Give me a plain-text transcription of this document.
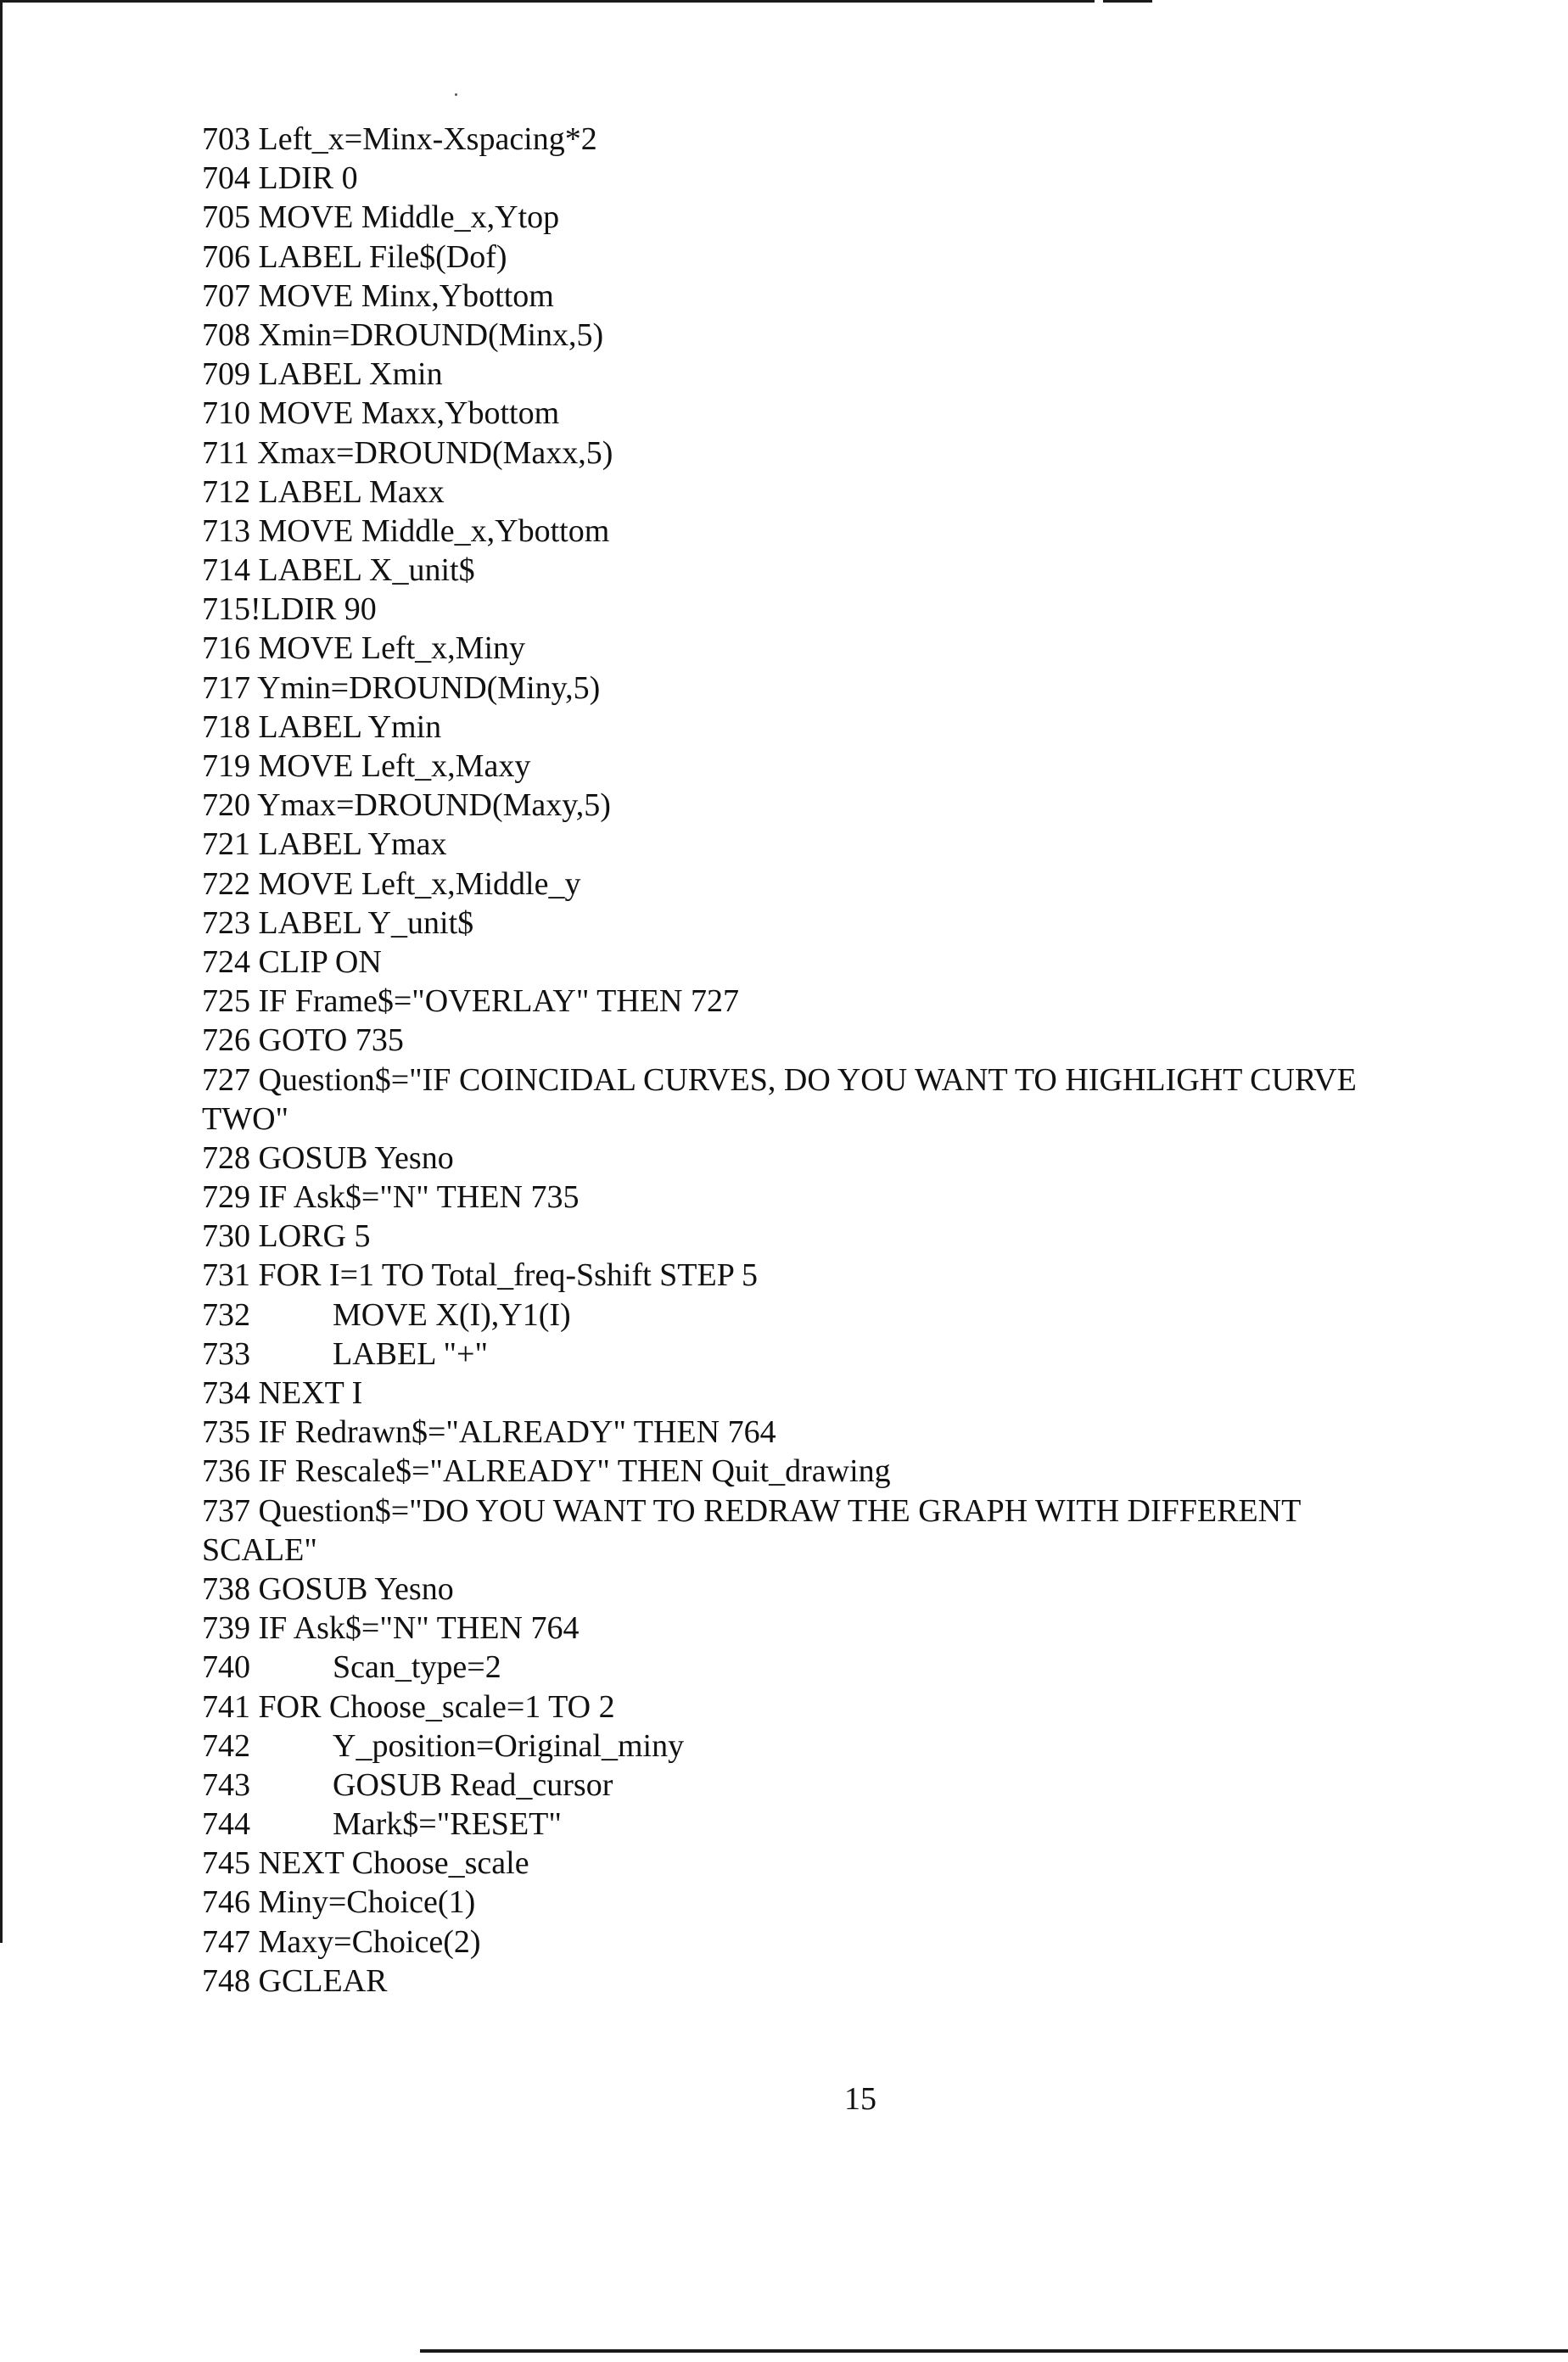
703 Left_x=Minx-Xspacing*2
704 LDIR 0
705 MOVE Middle_x,Ytop
706 LABEL File$(Dof)
707 MOVE Minx,Ybottom
708 Xmin=DROUND(Minx,5)
709 LABEL Xmin
710 MOVE Maxx,Ybottom
711 Xmax=DROUND(Maxx,5)
712 LABEL Maxx
713 MOVE Middle_x,Ybottom
714 LABEL X_unit$
715!LDIR 90
716 MOVE Left_x,Miny
717 Ymin=DROUND(Miny,5)
718 LABEL Ymin
719 MOVE Left_x,Maxy
720 Ymax=DROUND(Maxy,5)
721 LABEL Ymax
722 MOVE Left_x,Middle_y
723 LABEL Y_unit$
724 CLIP ON
725 IF Frame$="OVERLAY" THEN 727
726 GOTO 735
727 Question$="IF COINCIDAL CURVES, DO YOU WANT TO HIGHLIGHT CURVE
TWO"
728 GOSUB Yesno
729 IF Ask$="N" THEN 735
730 LORG 5
731 FOR I=1 TO Total_freq-Sshift STEP 5
732	MOVE X(I),Y1(I)
733	LABEL "+"
734 NEXT I
735 IF Redrawn$="ALREADY" THEN 764
736 IF Rescale$="ALREADY" THEN Quit_drawing
737 Question$="DO YOU WANT TO REDRAW THE GRAPH WITH DIFFERENT
SCALE"
738 GOSUB Yesno
739 IF Ask$="N" THEN 764
740	Scan_type=2
741 FOR Choose_scale=1 TO 2
742	Y_position=Original_miny
743	GOSUB Read_cursor
744	Mark$="RESET"
745 NEXT Choose_scale
746 Miny=Choice(1)
747 Maxy=Choice(2)
748 GCLEAR
15
